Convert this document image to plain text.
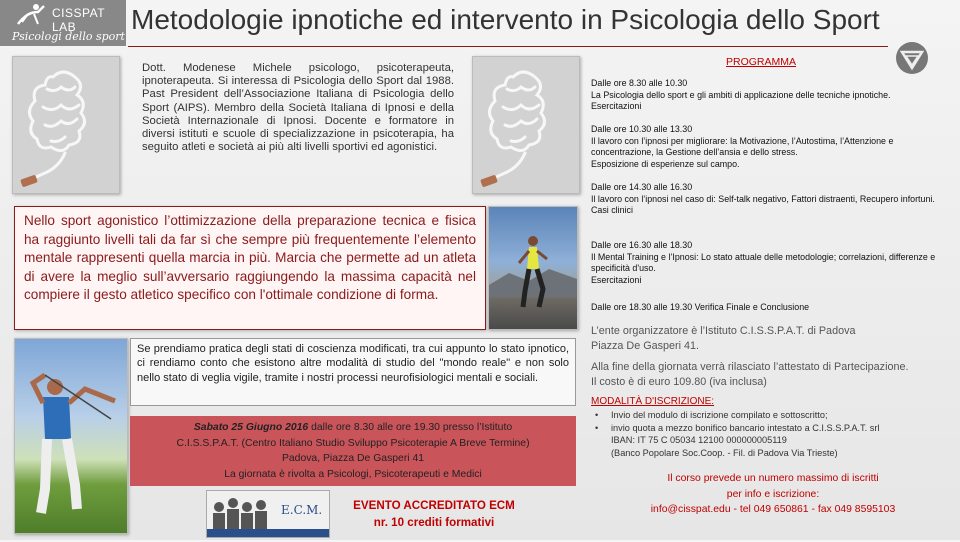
CISSPAT LAB
Psicologi dello sport
Metodologie ipnotiche ed intervento in Psicologia dello Sport
Dott. Modenese Michele psicologo, psicoterapeuta, ipnoterapeuta. Si interessa di Psicologia dello Sport dal 1988. Past President dell’Associazione Italiana di Psicologia dello Sport (AIPS). Membro della Società Italiana di Ipnosi e della Società Internazionale di Ipnosi. Docente e formatore in diversi istituti e scuole di specializzazione in psicoterapia, ha seguito atleti e società ai più alti livelli sportivi ed agonistici.
Nello sport agonistico l’ottimizzazione della preparazione tecnica e fisica ha raggiunto livelli tali da far sì che sempre più frequentemente l’elemento mentale rappresenti quella marcia in più. Marcia che permette ad un atleta di avere la meglio sull’avversario raggiungendo la massima capacità nel compiere il gesto atletico specifico con l'ottimale condizione di forma.
Se prendiamo pratica degli stati di coscienza modificati, tra cui appunto lo stato ipnotico, ci rendiamo conto che esistono altre modalità di studio del "mondo reale" e non solo nello stato di veglia vigile, tramite i nostri processi neurofisiologici mentali e sociali.
Sabato 25 Giugno 2016 dalle ore 8.30 alle ore 19.30 presso l’Istituto
C.I.S.S.P.A.T. (Centro Italiano Studio Sviluppo Psicoterapie A Breve Termine)
Padova, Piazza De Gasperi 41
La giornata è rivolta a Psicologi, Psicoterapeuti e Medici
E.C.M.	EVENTO ACCREDITATO ECM
nr. 10 crediti formativi
PROGRAMMA
Dalle ore 8.30 alle 10.30
La Psicologia dello sport e gli ambiti di applicazione delle tecniche ipnotiche.
Esercitazioni
Dalle ore 10.30 alle 13.30
Il lavoro con l’ipnosi per migliorare: la Motivazione, l’Autostima, l’Attenzione e concentrazione, la Gestione dell’ansia e dello stress.
Esposizione di esperienze sul campo.
Dalle ore 14.30 alle 16.30
Il lavoro con l’ipnosi nel caso di: Self-talk negativo, Fattori distraenti, Recupero infortuni.
Casi clinici
Dalle ore 16.30 alle 18.30
Il Mental Training e l’Ipnosi: Lo stato attuale delle metodologie; correlazioni, differenze e specificità d'uso.
Esercitazioni
Dalle ore 18.30 alle 19.30 Verifica Finale e Conclusione
L’ente organizzatore è l’Istituto C.I.S.S.P.A.T. di Padova
Piazza De Gasperi 41.
Alla fine della giornata verrà rilasciato l’attestato di Partecipazione.
Il costo è di euro 109.80 (iva inclusa)
MODALITÀ D'ISCRIZIONE:
• Invio del modulo di iscrizione compilato e sottoscritto;
• invio quota a mezzo bonifico bancario intestato a C.I.S.S.P.A.T. srl
IBAN: IT 75 C 05034 12100 000000005119
(Banco Popolare Soc.Coop. - Fil. di Padova Via Trieste)
Il corso prevede un numero massimo di iscritti
per info e iscrizione:
info@cisspat.edu - tel 049 650861 - fax 049 8595103
